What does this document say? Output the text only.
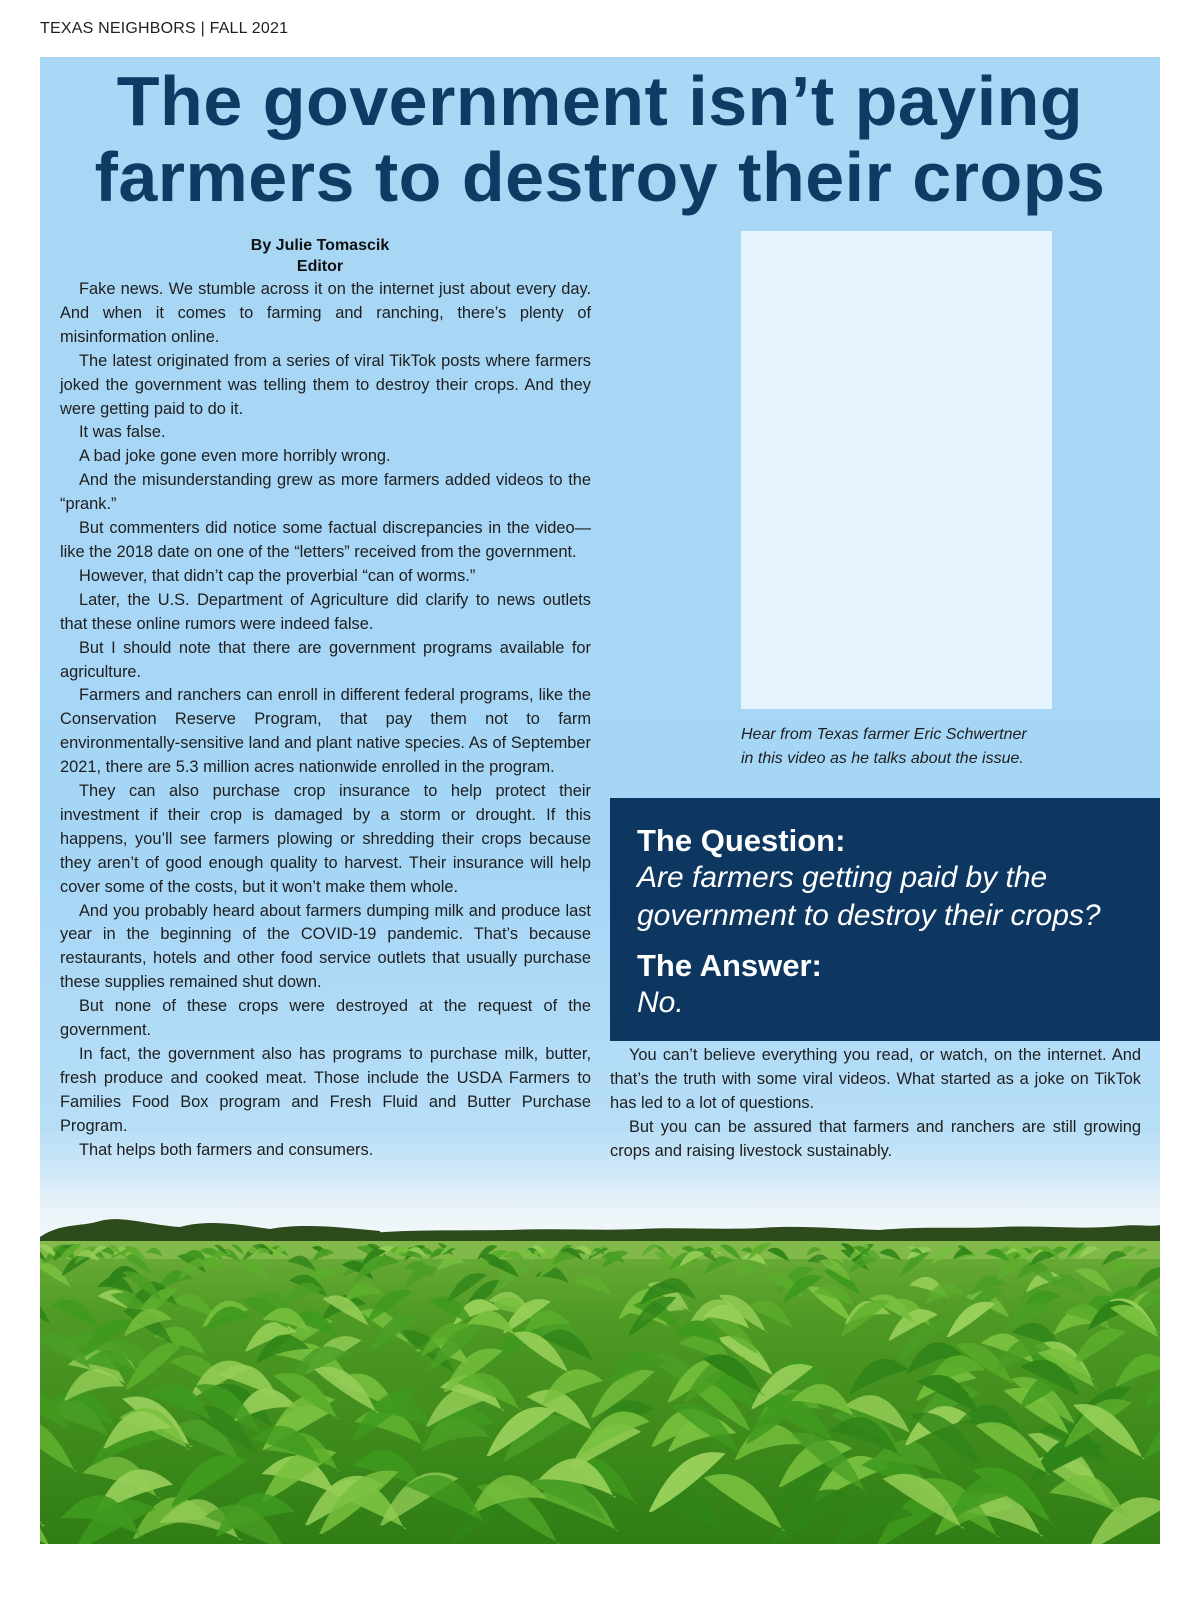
TEXAS NEIGHBORS | FALL 2021
The government isn’t paying
farmers to destroy their crops
By Julie Tomascik
Editor

Fake news. We stumble across it on the internet just about every day. And when it comes to farming and ranching, there’s plenty of misinformation online.

The latest originated from a series of viral TikTok posts where farmers joked the government was telling them to destroy their crops. And they were getting paid to do it.

It was false.

A bad joke gone even more horribly wrong.

And the misunderstanding grew as more farmers added videos to the “prank.”

But commenters did notice some factual discrepancies in the video—like the 2018 date on one of the “letters” received from the government.

However, that didn’t cap the proverbial “can of worms.”

Later, the U.S. Department of Agriculture did clarify to news outlets that these online rumors were indeed false.

But I should note that there are government programs available for agriculture.

Farmers and ranchers can enroll in different federal programs, like the Conservation Reserve Program, that pay them not to farm environmentally-sensitive land and plant native species. As of September 2021, there are 5.3 million acres nationwide enrolled in the program.

They can also purchase crop insurance to help protect their investment if their crop is damaged by a storm or drought. If this happens, you’ll see farmers plowing or shredding their crops because they aren’t of good enough quality to harvest. Their insurance will help cover some of the costs, but it won’t make them whole.

And you probably heard about farmers dumping milk and produce last year in the beginning of the COVID-19 pandemic. That’s because restaurants, hotels and other food service outlets that usually purchase these supplies remained shut down.

But none of these crops were destroyed at the request of the government.

In fact, the government also has programs to purchase milk, butter, fresh produce and cooked meat. Those include the USDA Farmers to Families Food Box program and Fresh Fluid and Butter Purchase Program.

That helps both farmers and consumers.

Hear from Texas farmer Eric Schwertner
in this video as he talks about the issue.
The Question:
Are farmers getting paid by the
government to destroy their crops?
The Answer:
No.

You can’t believe everything you read, or watch, on the internet. And that’s the truth with some viral videos. What started as a joke on TikTok has led to a lot of questions.

But you can be assured that farmers and ranchers are still growing crops and raising livestock sustainably.
